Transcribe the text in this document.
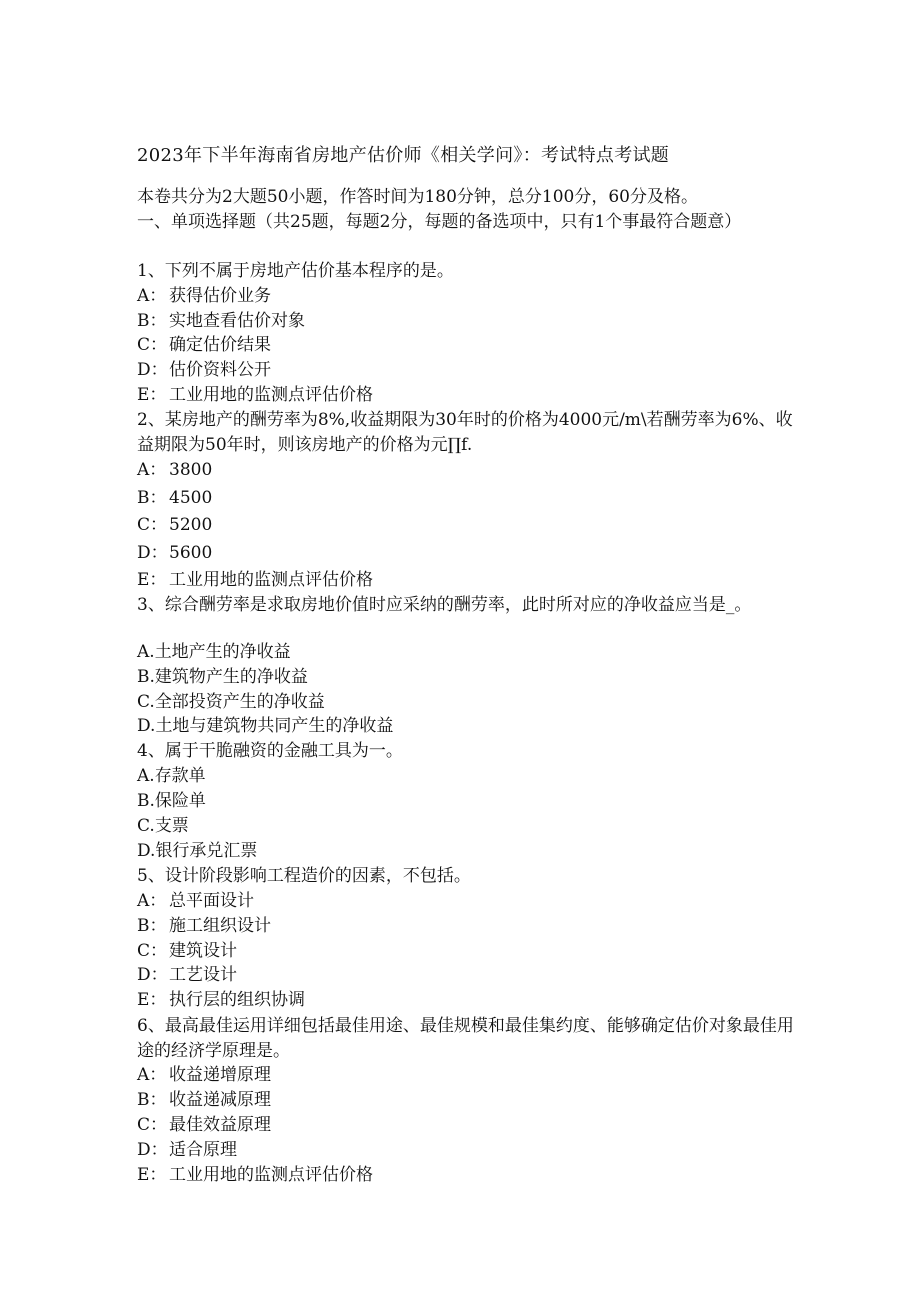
2023年下半年海南省房地产估价师《相关学问》：考试特点考试题
本卷共分为2大题50小题，作答时间为180分钟，总分100分，60分及格。
一、单项选择题（共25题，每题2分，每题的备选项中，只有1个事最符合题意）
1、下列不属于房地产估价基本程序的是。
A： 获得估价业务
B： 实地查看估价对象
C： 确定估价结果
D：估价资料公开
E： 工业用地的监测点评估价格
2、某房地产的酬劳率为8%,收益期限为30年时的价格为4000元/m\若酬劳率为6%、收益期限为50年时，则该房地产的价格为元∏f.
A： 3800
B： 4500
C： 5200
D：5600
E： 工业用地的监测点评估价格
3、综合酬劳率是求取房地价值时应采纳的酬劳率，此时所对应的净收益应当是_。
A.土地产生的净收益
B.建筑物产生的净收益
C.全部投资产生的净收益
D.土地与建筑物共同产生的净收益
4、属于干脆融资的金融工具为一。
A.存款单
B.保险单
C.支票
D.银行承兑汇票
5、设计阶段影响工程造价的因素，不包括。
A： 总平面设计
B： 施工组织设计
C： 建筑设计
D：工艺设计
E： 执行层的组织协调
6、最高最佳运用详细包括最佳用途、最佳规模和最佳集约度、能够确定估价对象最佳用途的经济学原理是。
A： 收益递增原理
B： 收益递减原理
C： 最佳效益原理
D：适合原理
E： 工业用地的监测点评估价格
